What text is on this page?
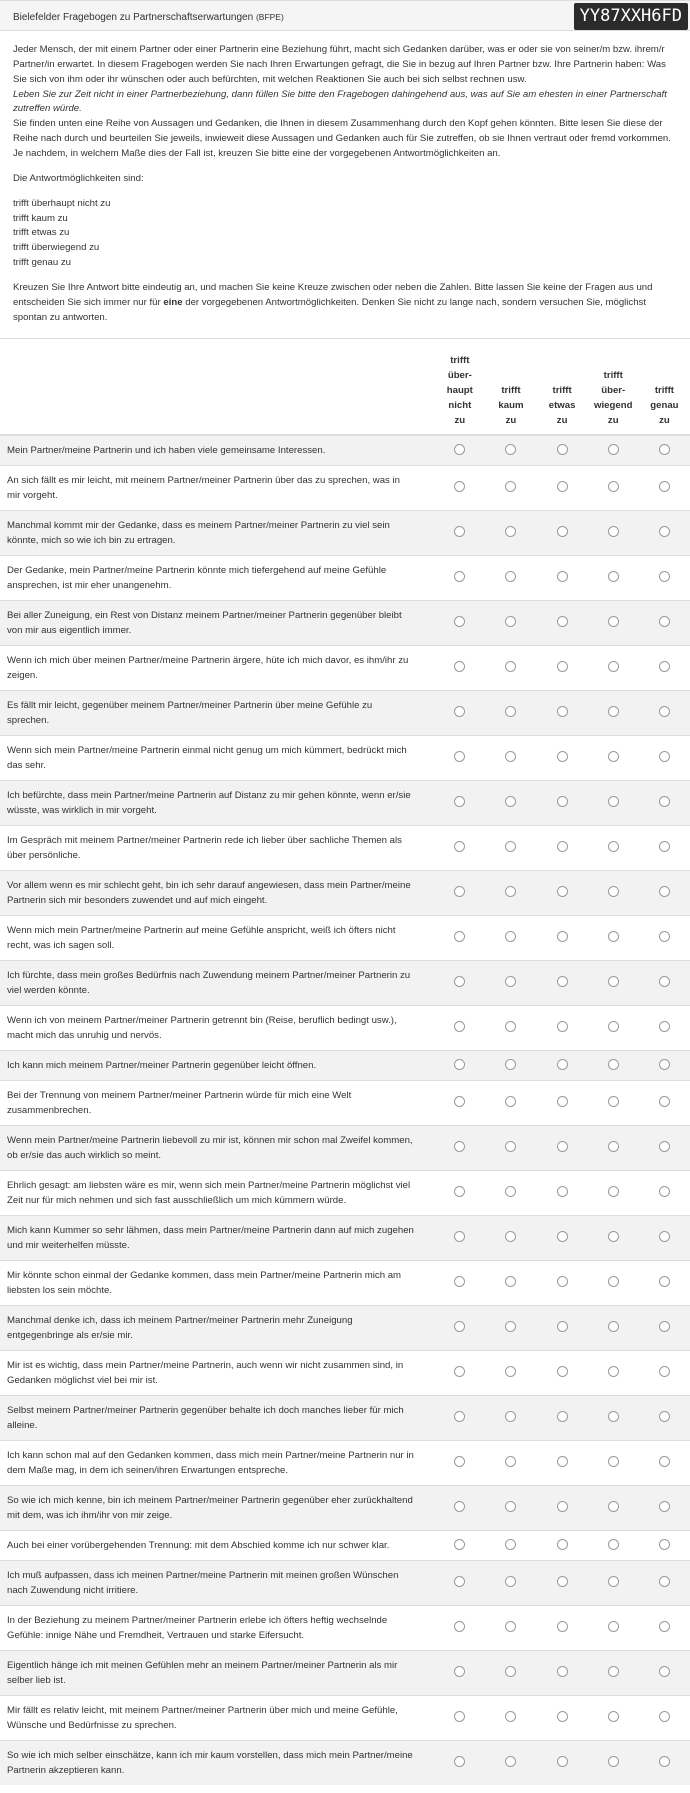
Bielefelder Fragebogen zu Partnerschaftserwartungen (BFPE)	YY87XXH6FD

Jeder Mensch, der mit einem Partner oder einer Partnerin eine Beziehung führt, macht sich Gedanken darüber, was er oder sie von seiner/m bzw. ihrem/r Partner/in erwartet. In diesem Fragebogen werden Sie nach Ihren Erwartungen gefragt, die Sie in bezug auf Ihren Partner bzw. Ihre Partnerin haben: Was Sie sich von ihm oder ihr wünschen oder auch befürchten, mit welchen Reaktionen Sie auch bei sich selbst rechnen usw.
Leben Sie zur Zeit nicht in einer Partnerbeziehung, dann füllen Sie bitte den Fragebogen dahingehend aus, was auf Sie am ehesten in einer Partnerschaft zutreffen würde.
Sie finden unten eine Reihe von Aussagen und Gedanken, die Ihnen in diesem Zusammenhang durch den Kopf gehen könnten. Bitte lesen Sie diese der Reihe nach durch und beurteilen Sie jeweils, inwieweit diese Aussagen und Gedanken auch für Sie zutreffen, ob sie Ihnen vertraut oder fremd vorkommen. Je nachdem, in welchem Maße dies der Fall ist, kreuzen Sie bitte eine der vorgegebenen Antwortmöglichkeiten an.

Die Antwortmöglichkeiten sind:

trifft überhaupt nicht zu
trifft kaum zu
trifft etwas zu
trifft überwiegend zu
trifft genau zu

Kreuzen Sie Ihre Antwort bitte eindeutig an, und machen Sie keine Kreuze zwischen oder neben die Zahlen. Bitte lassen Sie keine der Fragen aus und entscheiden Sie sich immer nur für eine der vorgegebenen Antwortmöglichkeiten. Denken Sie nicht zu lange nach, sondern versuchen Sie, möglichst spontan zu antworten.

	trifft
über-
haupt
nicht
zu	trifft
kaum
zu	trifft
etwas
zu	trifft über-
wiegend
zu	trifft
genau
zu
Mein Partner/meine Partnerin und ich haben viele gemeinsame Interessen.					
An sich fällt es mir leicht, mit meinem Partner/meiner Partnerin über das zu sprechen, was in mir vorgeht.					
Manchmal kommt mir der Gedanke, dass es meinem Partner/meiner Partnerin zu viel sein könnte, mich so wie ich bin zu ertragen.					
Der Gedanke, mein Partner/meine Partnerin könnte mich tiefergehend auf meine Gefühle ansprechen, ist mir eher unangenehm.					
Bei aller Zuneigung, ein Rest von Distanz meinem Partner/meiner Partnerin gegenüber bleibt von mir aus eigentlich immer.					
Wenn ich mich über meinen Partner/meine Partnerin ärgere, hüte ich mich davor, es ihm/ihr zu zeigen.					
Es fällt mir leicht, gegenüber meinem Partner/meiner Partnerin über meine Gefühle zu sprechen.					
Wenn sich mein Partner/meine Partnerin einmal nicht genug um mich kümmert, bedrückt mich das sehr.					
Ich befürchte, dass mein Partner/meine Partnerin auf Distanz zu mir gehen könnte, wenn er/sie wüsste, was wirklich in mir vorgeht.					
Im Gespräch mit meinem Partner/meiner Partnerin rede ich lieber über sachliche Themen als über persönliche.					
Vor allem wenn es mir schlecht geht, bin ich sehr darauf angewiesen, dass mein Partner/meine Partnerin sich mir besonders zuwendet und auf mich eingeht.					
Wenn mich mein Partner/meine Partnerin auf meine Gefühle anspricht, weiß ich öfters nicht recht, was ich sagen soll.					
Ich fürchte, dass mein großes Bedürfnis nach Zuwendung meinem Partner/meiner Partnerin zu viel werden könnte.					
Wenn ich von meinem Partner/meiner Partnerin getrennt bin (Reise, beruflich bedingt usw.), macht mich das unruhig und nervös.					
Ich kann mich meinem Partner/meiner Partnerin gegenüber leicht öffnen.					
Bei der Trennung von meinem Partner/meiner Partnerin würde für mich eine Welt zusammenbrechen.					
Wenn mein Partner/meine Partnerin liebevoll zu mir ist, können mir schon mal Zweifel kommen, ob er/sie das auch wirklich so meint.					
Ehrlich gesagt: am liebsten wäre es mir, wenn sich mein Partner/meine Partnerin möglichst viel Zeit nur für mich nehmen und sich fast ausschließlich um mich kümmern würde.					
Mich kann Kummer so sehr lähmen, dass mein Partner/meine Partnerin dann auf mich zugehen und mir weiterhelfen müsste.					
Mir könnte schon einmal der Gedanke kommen, dass mein Partner/meine Partnerin mich am liebsten los sein möchte.					
Manchmal denke ich, dass ich meinem Partner/meiner Partnerin mehr Zuneigung entgegenbringe als er/sie mir.					
Mir ist es wichtig, dass mein Partner/meine Partnerin, auch wenn wir nicht zusammen sind, in Gedanken möglichst viel bei mir ist.					
Selbst meinem Partner/meiner Partnerin gegenüber behalte ich doch manches lieber für mich alleine.					
Ich kann schon mal auf den Gedanken kommen, dass mich mein Partner/meine Partnerin nur in dem Maße mag, in dem ich seinen/ihren Erwartungen entspreche.					
So wie ich mich kenne, bin ich meinem Partner/meiner Partnerin gegenüber eher zurückhaltend mit dem, was ich ihm/ihr von mir zeige.					
Auch bei einer vorübergehenden Trennung: mit dem Abschied komme ich nur schwer klar.					
Ich muß aufpassen, dass ich meinen Partner/meine Partnerin mit meinen großen Wünschen nach Zuwendung nicht irritiere.					
In der Beziehung zu meinem Partner/meiner Partnerin erlebe ich öfters heftig wechselnde Gefühle: innige Nähe und Fremdheit, Vertrauen und starke Eifersucht.					
Eigentlich hänge ich mit meinen Gefühlen mehr an meinem Partner/meiner Partnerin als mir selber lieb ist.					
Mir fällt es relativ leicht, mit meinem Partner/meiner Partnerin über mich und meine Gefühle, Wünsche und Bedürfnisse zu sprechen.					
So wie ich mich selber einschätze, kann ich mir kaum vorstellen, dass mich mein Partner/meine Partnerin akzeptieren kann.					
